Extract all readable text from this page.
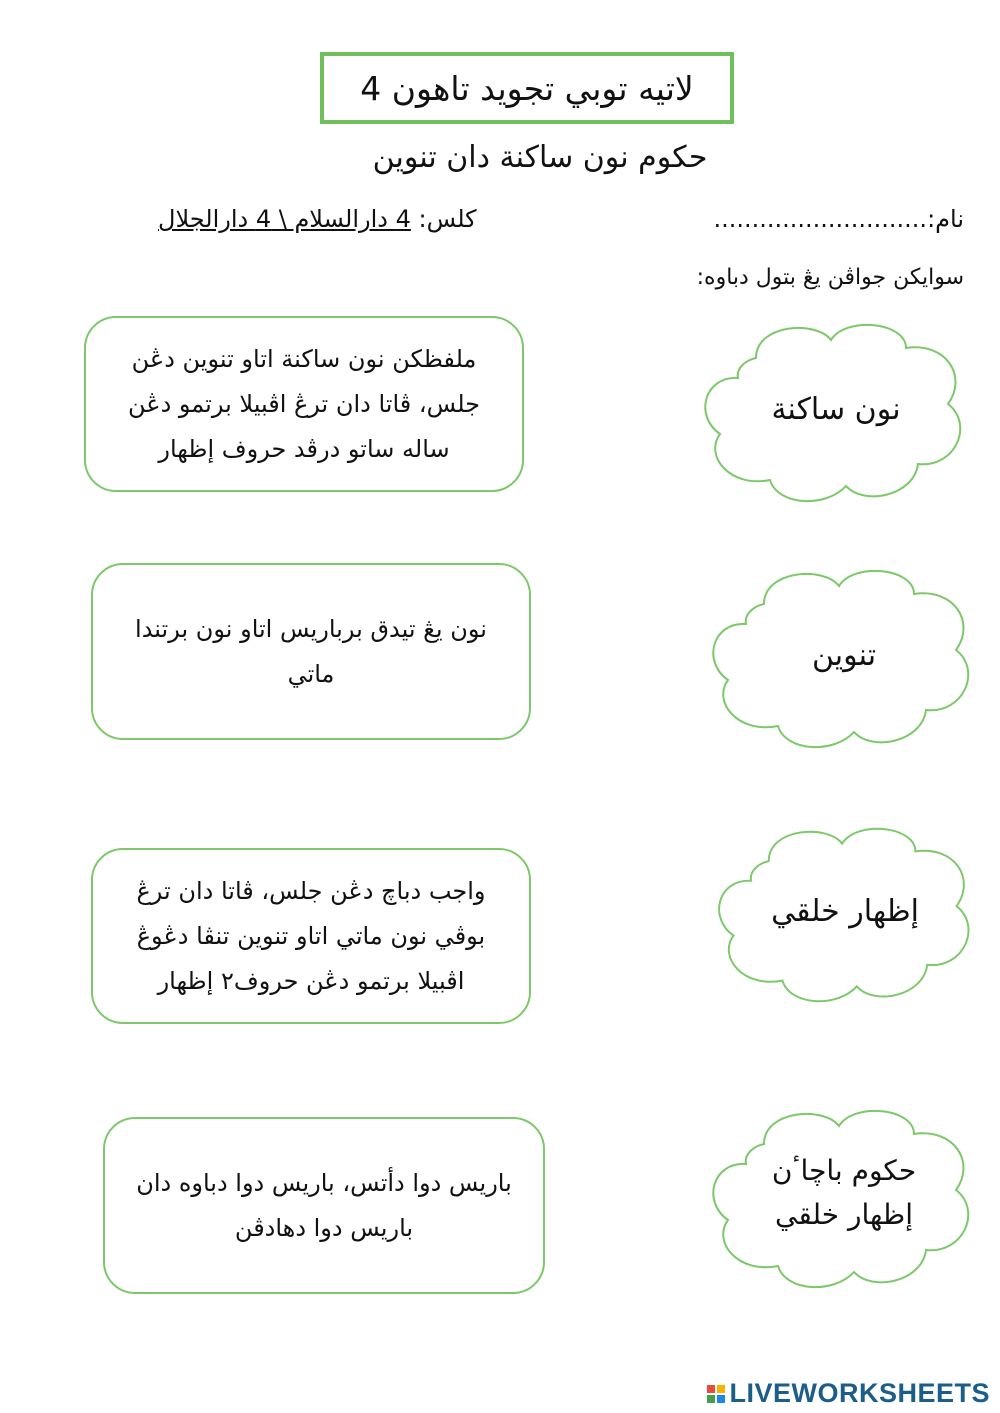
لاتيه توبي تجويد تاهون 4
حكوم نون ساكنة دان تنوين
نام:............................
كلس: 4 دارالسلام \ 4 دارالجلال
سوايكن جواڤن يڠ بتول دباوه:
ملفظكن نون ساكنة اتاو تنوين دڠن جلس، ڤاتا دان ترڠ اڤبيلا برتمو دڠن ساله ساتو درڤد حروف إظهار
نون يڠ تيدق برباريس اتاو نون برتندا ماتي
واجب دباچ دڠن جلس، ڤاتا دان ترڠ بوڤي نون ماتي اتاو تنوين تنڤا دڠوڠ اڤبيلا برتمو دڠن حروف٢ إظهار
باريس دوا دأتس، باريس دوا دباوه دان باريس دوا دهادڤن
نون ساكنة
تنوين
إظهار خلقي
حكوم باچاٴن إظهار خلقي
LIVEWORKSHEETS
